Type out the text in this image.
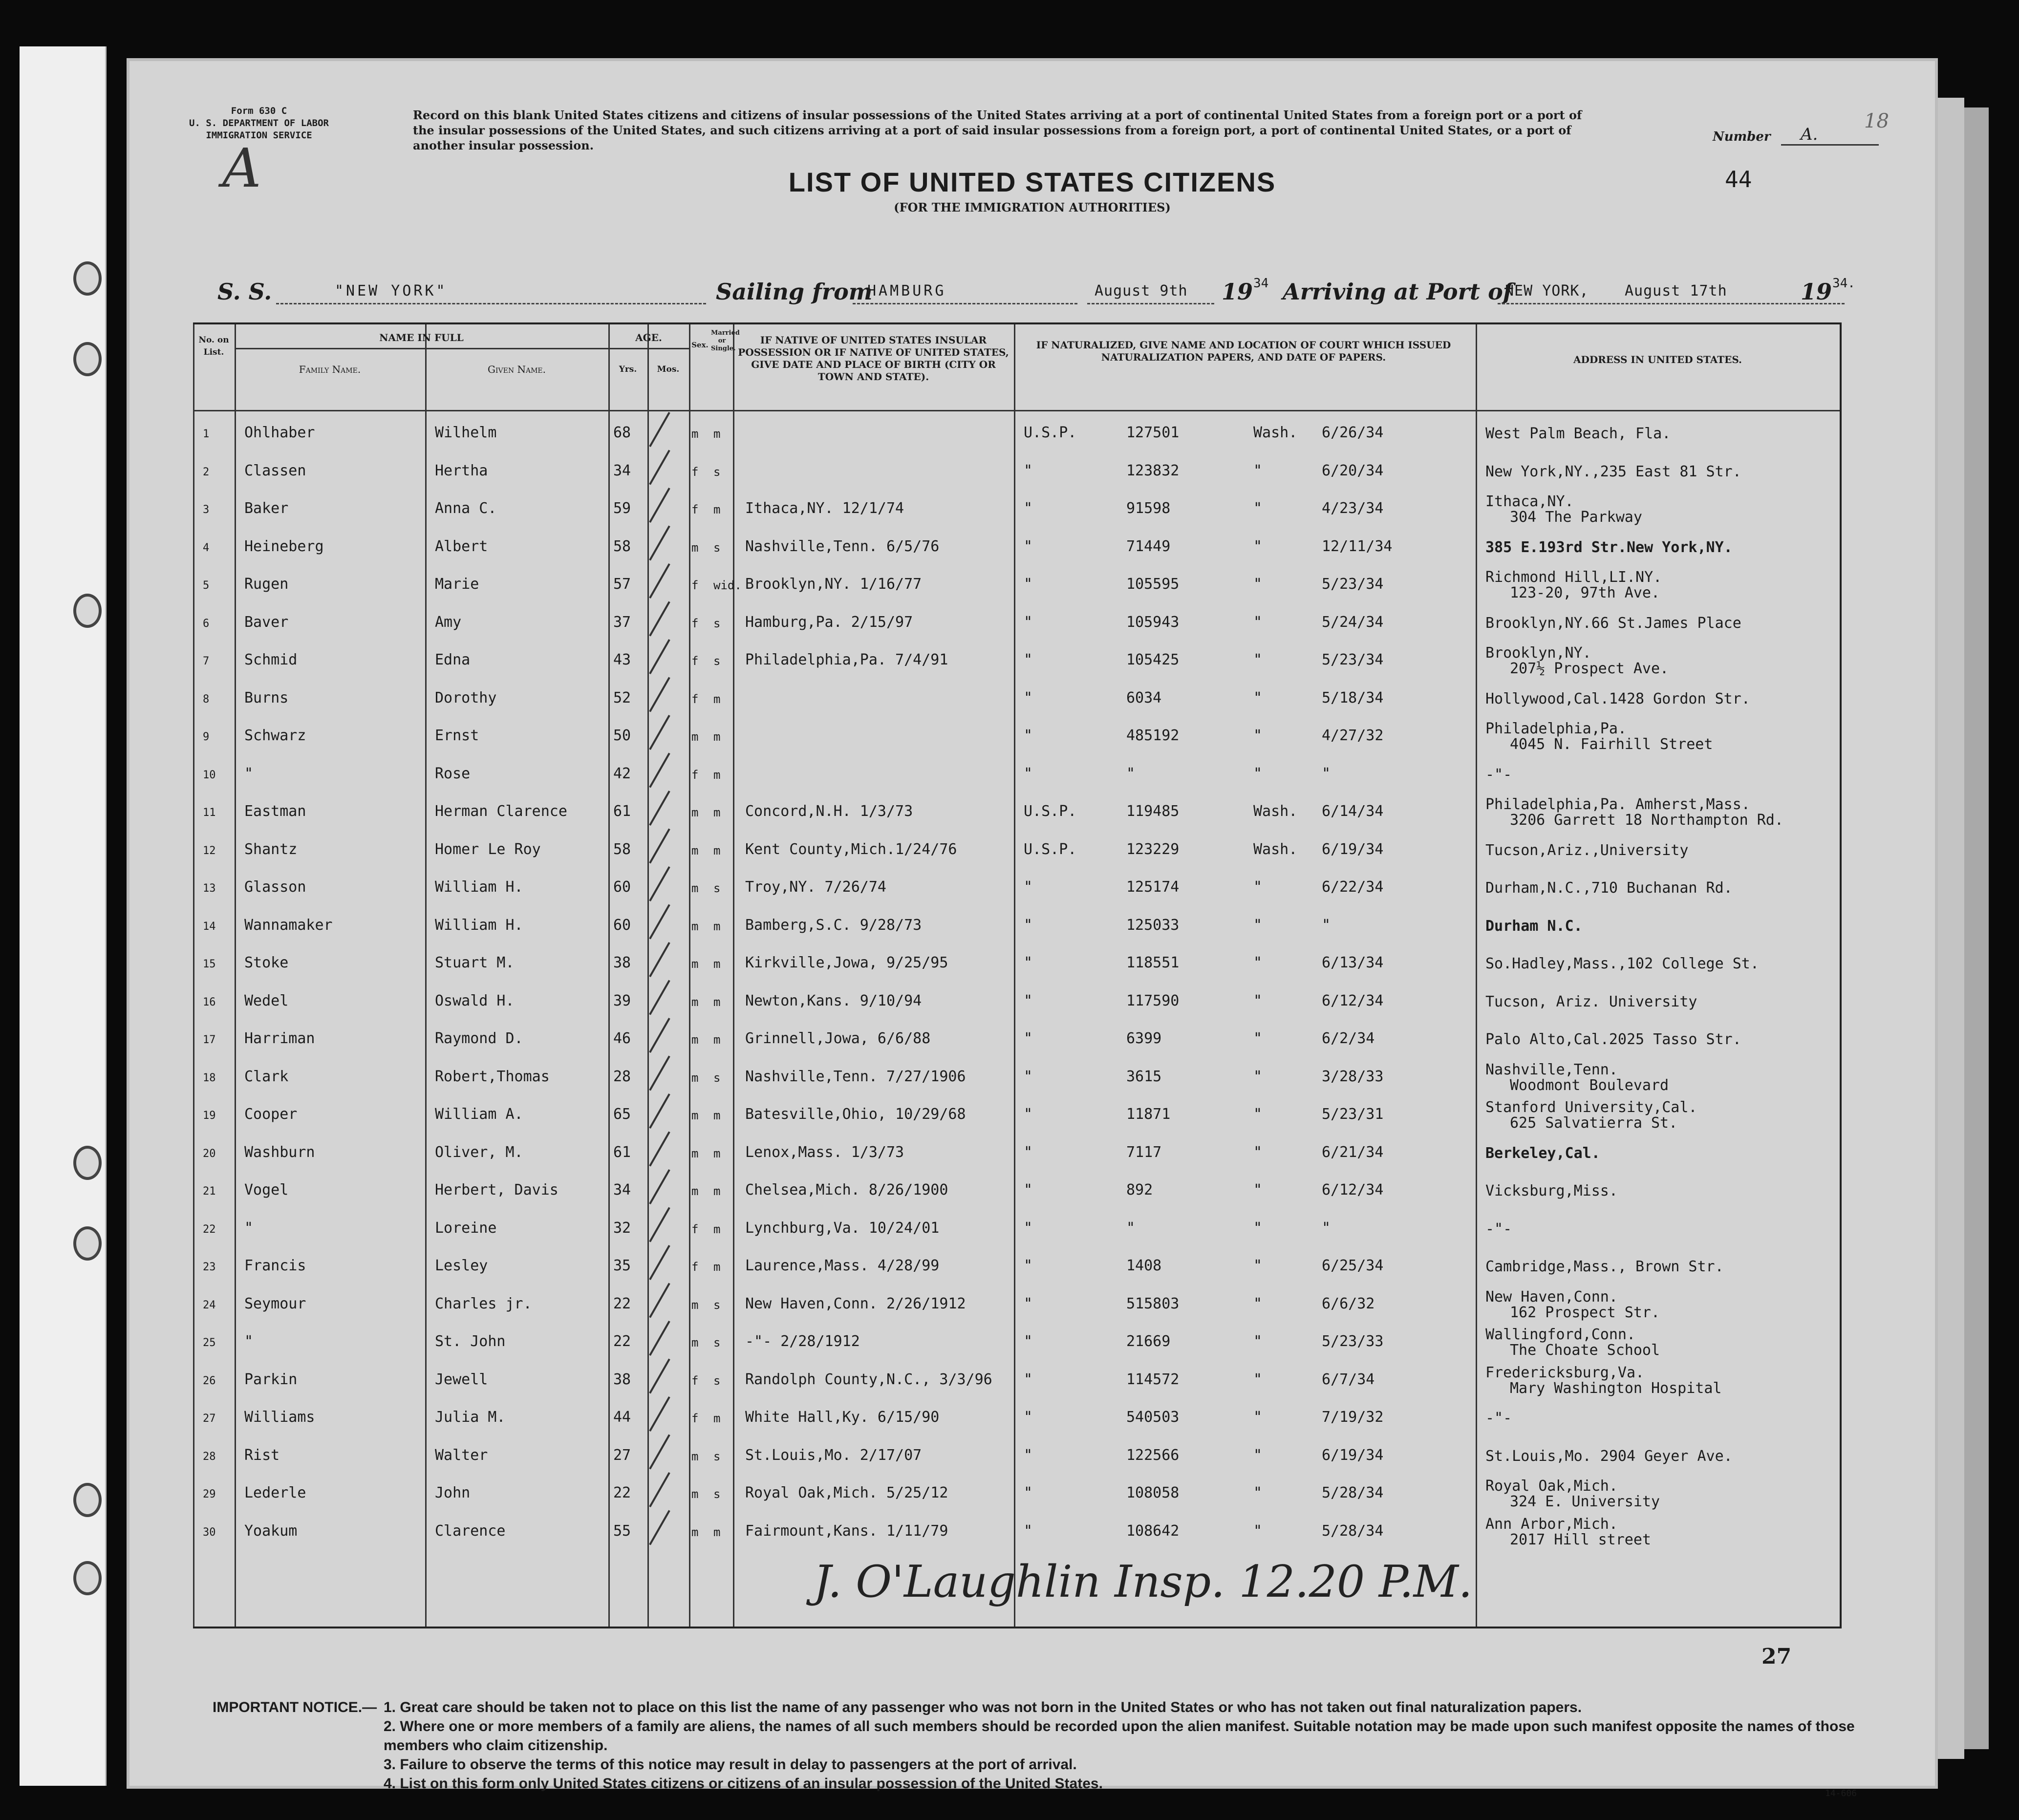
Form 630 C
U. S. DEPARTMENT OF LABOR
IMMIGRATION SERVICE
Record on this blank United States citizens and citizens of insular possessions of the United States arriving at a port of continental United States from a foreign port or a port of the insular possessions of the United States, and such citizens arriving at a port of said insular possessions from a foreign port, a port of continental United States, or a port of another insular possession.
Number A.
18
A	LIST OF UNITED STATES CITIZENS
(FOR THE IMMIGRATION AUTHORITIES)
44
S. S.	"NEW YORK"	Sailing from
HAMBURG	August 9th 19 34 Arriving at Port of
NEW YORK, August 17th	19 34.
No. on List.
NAME IN FULL
Family Name.	Given Name.
AGE.
Yrs.	Mos.
Sex.
Married or Single.
IF NATIVE OF UNITED STATES INSULAR POSSESSION OR IF NATIVE OF UNITED STATES, GIVE DATE AND PLACE OF BIRTH (CITY OR TOWN AND STATE).
IF NATURALIZED, GIVE NAME AND LOCATION OF COURT WHICH ISSUED NATURALIZATION PAPERS, AND DATE OF PAPERS.	ADDRESS IN UNITED STATES.
1 Ohlhaber	Wilhelm	68	m m	U.S.P.	127501	Wash. 6/26/34	West Palm Beach, Fla.
2 Classen	Hertha	34	f s	"	123832	"	6/20/34	New York,NY.,235 East 81 Str.
3 Baker	Anna C.	59	f m Ithaca,NY. 12/1/74	"	91598	"	4/23/34	Ithaca,NY.
304 The Parkway
4 Heineberg	Albert	58	m s Nashville,Tenn. 6/5/76	"	71449	"	12/11/34	385 E.193rd Str.New York,NY.
5 Rugen	Marie	57	f wid. Brooklyn,NY. 1/16/77	"	105595	"	5/23/34	Richmond Hill,LI.NY.
123-20, 97th Ave.
6 Baver	Amy	37	f s Hamburg,Pa. 2/15/97	"	105943	"	5/24/34	Brooklyn,NY.66 St.James Place
7 Schmid	Edna	43	f s Philadelphia,Pa. 7/4/91	"	105425	"	5/23/34	Brooklyn,NY.
207½ Prospect Ave.
8 Burns	Dorothy	52	f m	"	6034	"	5/18/34	Hollywood,Cal.1428 Gordon Str.
9 Schwarz	Ernst	50	m m	"	485192	"	4/27/32	Philadelphia,Pa.
4045 N. Fairhill Street
10 "	Rose	42	f m	"	"	"	"	-"-
11 Eastman	Herman Clarence	61	m m Concord,N.H. 1/3/73	U.S.P.	119485	Wash. 6/14/34	Philadelphia,Pa. Amherst,Mass.
3206 Garrett 18 Northampton Rd.
12 Shantz	Homer Le Roy	58	m m Kent County,Mich.1/24/76	U.S.P.	123229	Wash. 6/19/34	Tucson,Ariz.,University
13 Glasson	William H.	60	m s Troy,NY. 7/26/74	"	125174	"	6/22/34	Durham,N.C.,710 Buchanan Rd.
14 Wannamaker	William H.	60	m m Bamberg,S.C. 9/28/73	"	125033	"	"	Durham N.C.
15 Stoke	Stuart M.	38	m m Kirkville,Jowa, 9/25/95	"	118551	"	6/13/34	So.Hadley,Mass.,102 College St.
16 Wedel	Oswald H.	39	m m Newton,Kans. 9/10/94	"	117590	"	6/12/34	Tucson, Ariz. University
17 Harriman	Raymond D.	46	m m Grinnell,Jowa, 6/6/88	"	6399	"	6/2/34	Palo Alto,Cal.2025 Tasso Str.
18 Clark	Robert,Thomas	28	m s Nashville,Tenn. 7/27/1906	"	3615	"	3/28/33	Nashville,Tenn.
Woodmont Boulevard
19 Cooper	William A.	65	m m Batesville,Ohio, 10/29/68	"	11871	"	5/23/31	Stanford University,Cal.
625 Salvatierra St.
20 Washburn	Oliver, M.	61	m m Lenox,Mass. 1/3/73	"	7117	"	6/21/34	Berkeley,Cal.
21 Vogel	Herbert, Davis	34	m m Chelsea,Mich. 8/26/1900	"	892	"	6/12/34	Vicksburg,Miss.
22 "	Loreine	32	f m Lynchburg,Va. 10/24/01	"	"	"	"	-"-
23 Francis	Lesley	35	f m Laurence,Mass. 4/28/99	"	1408	"	6/25/34	Cambridge,Mass., Brown Str.
24 Seymour	Charles jr.	22	m s New Haven,Conn. 2/26/1912	"	515803	"	6/6/32	New Haven,Conn.
162 Prospect Str.
25 "	St. John	22	m s -"- 2/28/1912	"	21669	"	5/23/33	Wallingford,Conn.
The Choate School
26 Parkin	Jewell	38	f s Randolph County,N.C., 3/3/96 "	114572	"	6/7/34	Fredericksburg,Va.
Mary Washington Hospital
27 Williams	Julia M.	44	f m White Hall,Ky. 6/15/90	"	540503	"	7/19/32	-"-
28 Rist	Walter	27	m s St.Louis,Mo. 2/17/07	"	122566	"	6/19/34	St.Louis,Mo. 2904 Geyer Ave.
29 Lederle	John	22	m s Royal Oak,Mich. 5/25/12	"	108058	"	5/28/34	Royal Oak,Mich.
324 E. University
30 Yoakum	Clarence	55	m m Fairmount,Kans. 1/11/79	"	108642	"	5/28/34	Ann Arbor,Mich.
2017 Hill street
J. O'Laughlin Insp. 12.20 P.M.
27
IMPORTANT NOTICE.— 1. Great care should be taken not to place on this list the name of any passenger who was not born in the United States or who has not taken out final naturalization papers.
2. Where one or more members of a family are aliens, the names of all such members should be recorded upon the alien manifest. Suitable notation may be made upon such manifest opposite the names of those members who claim citizenship.
3. Failure to observe the terms of this notice may result in delay to passengers at the port of arrival.
4. List on this form only United States citizens or citizens of an insular possession of the United States.
14-606
